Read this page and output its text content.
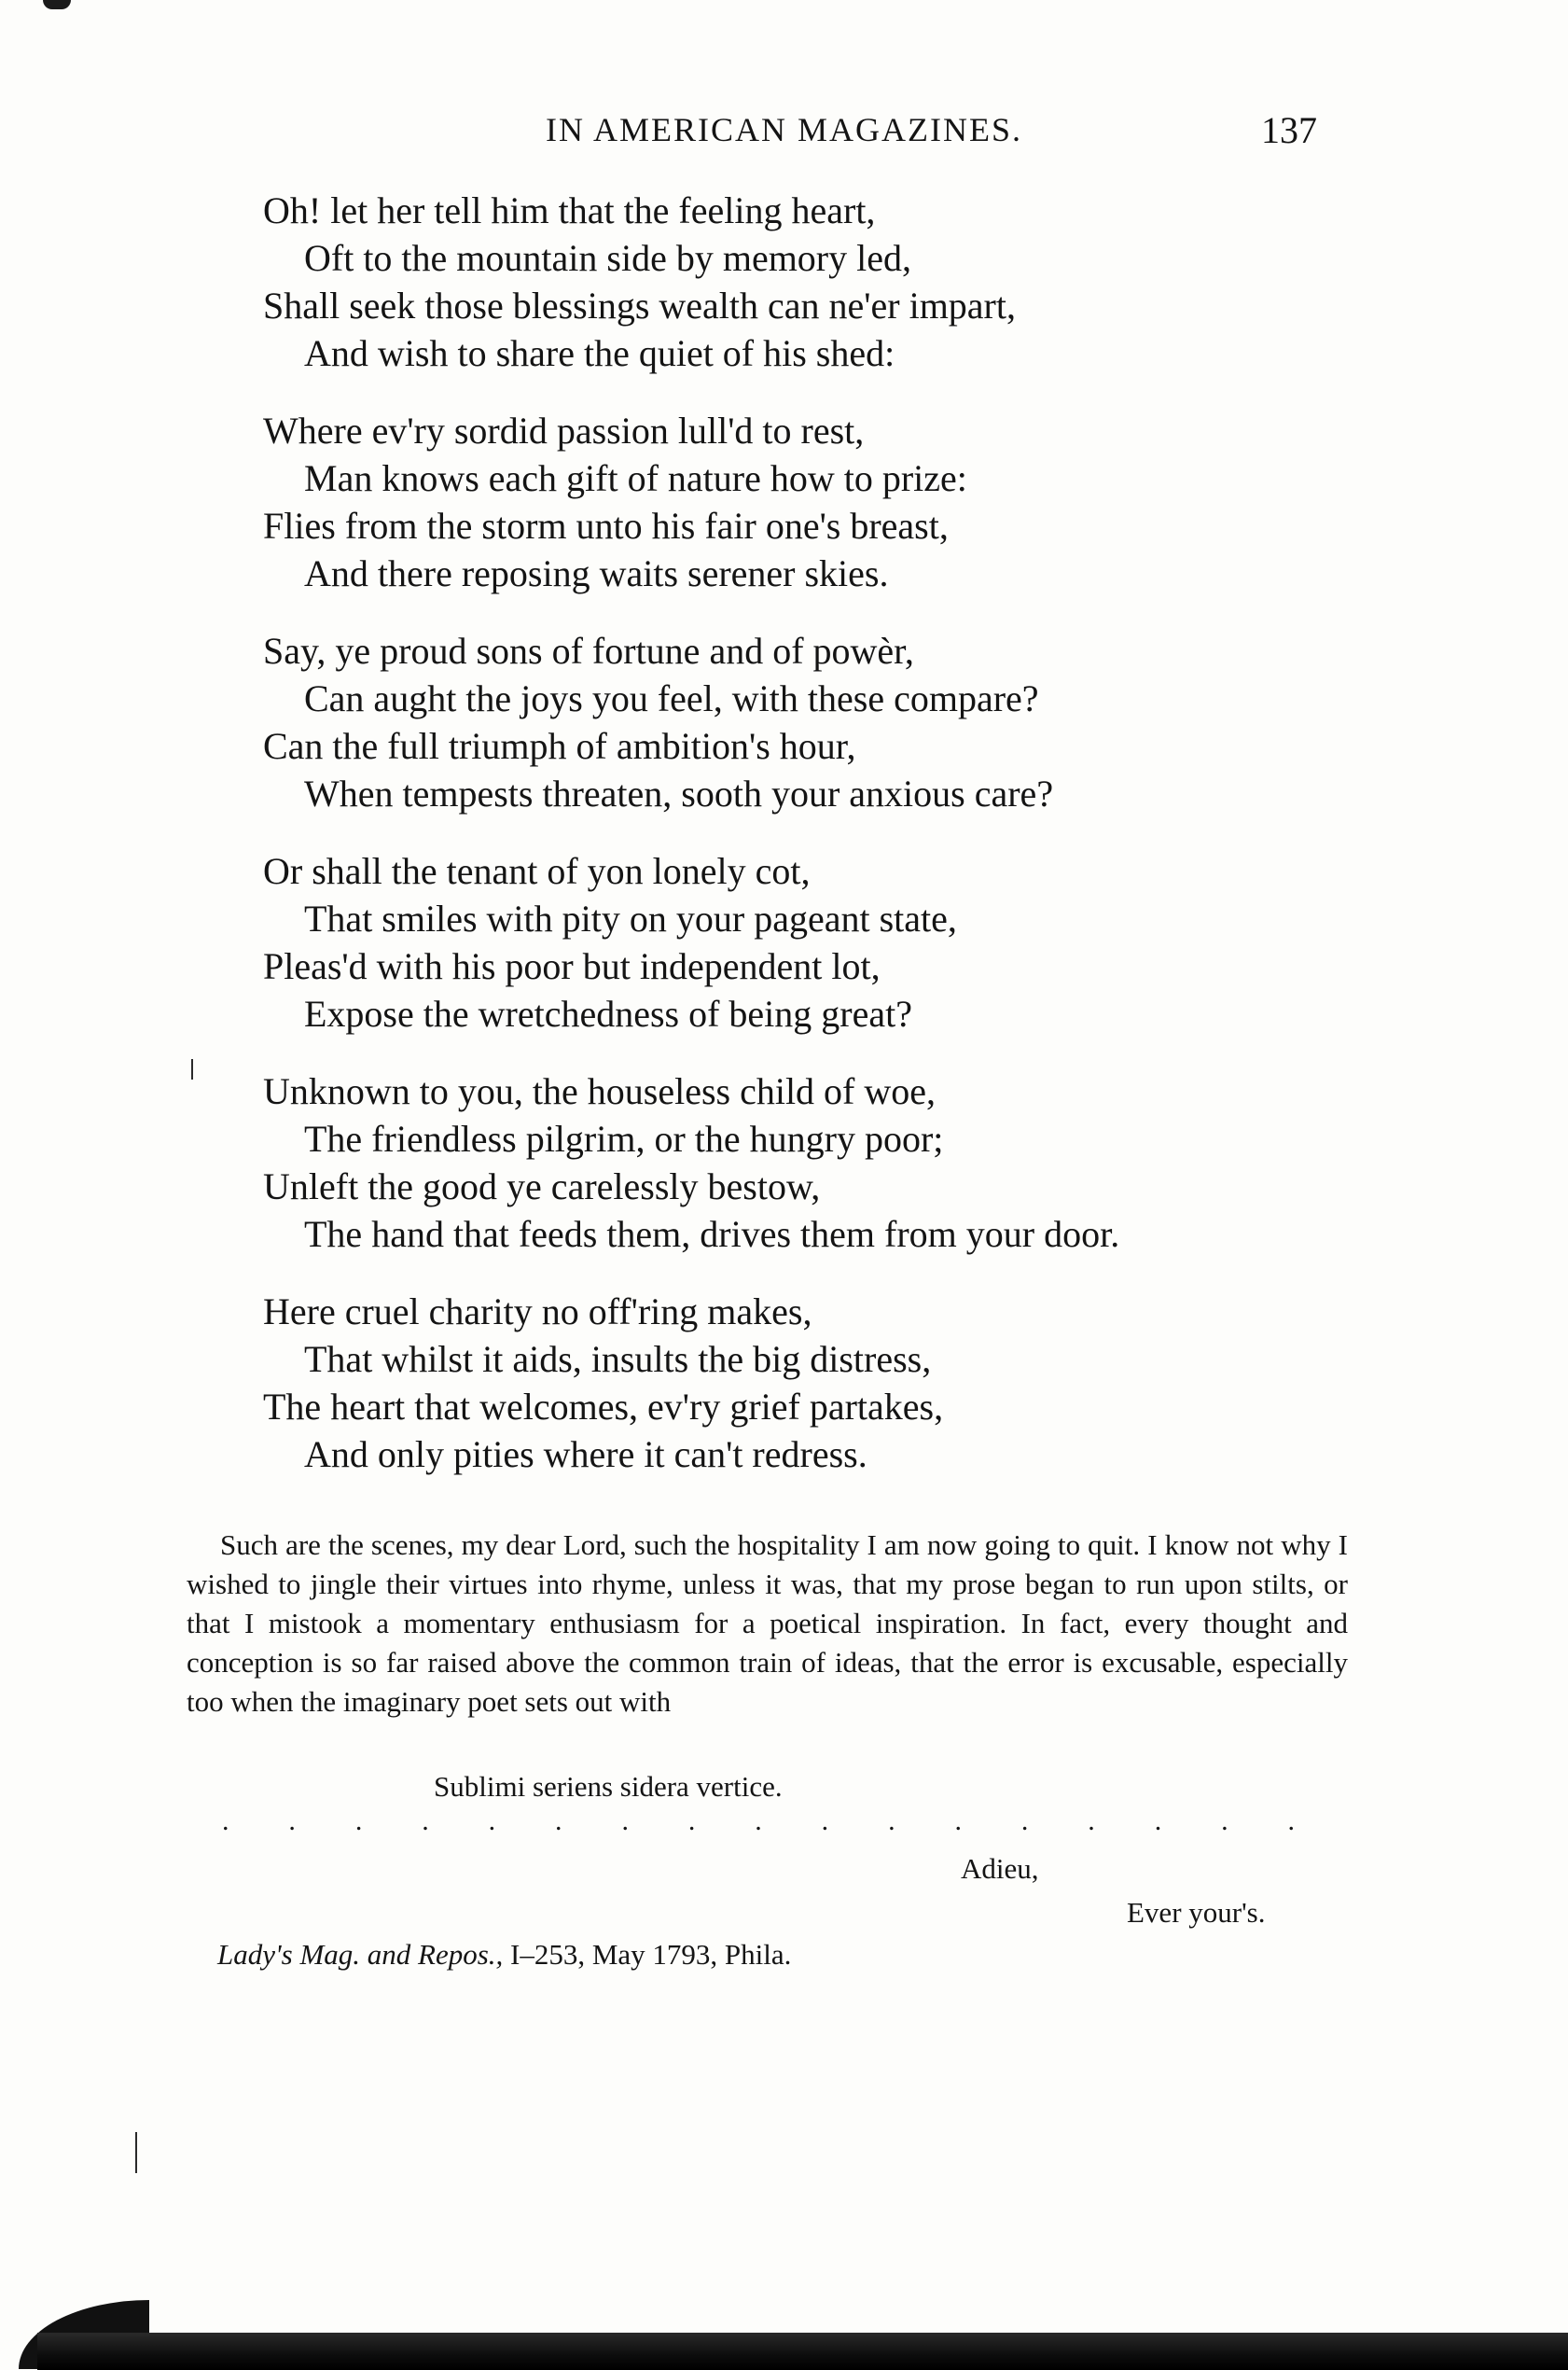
IN AMERICAN MAGAZINES.	137
Oh! let her tell him that the feeling heart,
Oft to the mountain side by memory led,
Shall seek those blessings wealth can ne'er impart,
And wish to share the quiet of his shed:
Where ev'ry sordid passion lull'd to rest,
Man knows each gift of nature how to prize:
Flies from the storm unto his fair one's breast,
And there reposing waits serener skies.
Say, ye proud sons of fortune and of powèr,
Can aught the joys you feel, with these compare?
Can the full triumph of ambition's hour,
When tempests threaten, sooth your anxious care?
Or shall the tenant of yon lonely cot,
That smiles with pity on your pageant state,
Pleas'd with his poor but independent lot,
Expose the wretchedness of being great?
Unknown to you, the houseless child of woe,
The friendless pilgrim, or the hungry poor;
Unleft the good ye carelessly bestow,
The hand that feeds them, drives them from your door.
Here cruel charity no off'ring makes,
That whilst it aids, insults the big distress,
The heart that welcomes, ev'ry grief partakes,
And only pities where it can't redress.

Such are the scenes, my dear Lord, such the hospitality I am now going to quit. I know not why I wished to jingle their virtues into rhyme, unless it was, that my prose began to run upon stilts, or that I mistook a momentary enthusiasm for a poetical inspiration. In fact, every thought and conception is so far raised above the common train of ideas, that the error is excusable, especially too when the imaginary poet sets out with

Sublimi seriens sidera vertice.
. . . . . . . . . . . . . . . . .
Adieu,
Ever your's.
Lady's Mag. and Repos., I–253, May 1793, Phila.
